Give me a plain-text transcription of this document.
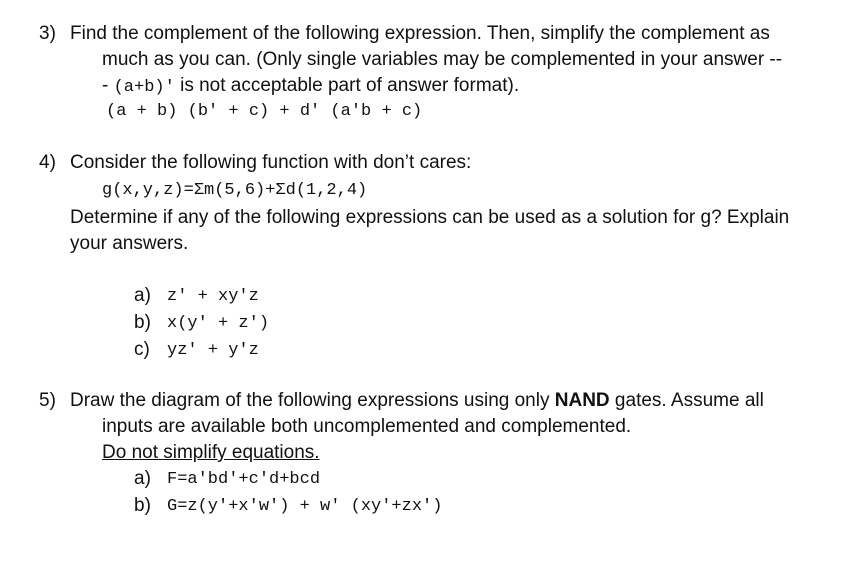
3) Find the complement of the following expression. Then, simplify the complement as
much as you can. (Only single variables may be complemented in your answer --
- (a+b)' is not acceptable part of answer format).
(a + b) (b' + c) + d' (a'b + c)
4) Consider the following function with don’t cares:
g(x,y,z)=Σm(5,6)+Σd(1,2,4)
Determine if any of the following expressions can be used as a solution for g? Explain
your answers.
a) z' + xy'z
b) x(y' + z')
c) yz' + y'z
5) Draw the diagram of the following expressions using only NAND gates. Assume all
inputs are available both uncomplemented and complemented.
Do not simplify equations.
a) F=a'bd'+c'd+bcd
b) G=z(y'+x'w') + w' (xy'+zx')
